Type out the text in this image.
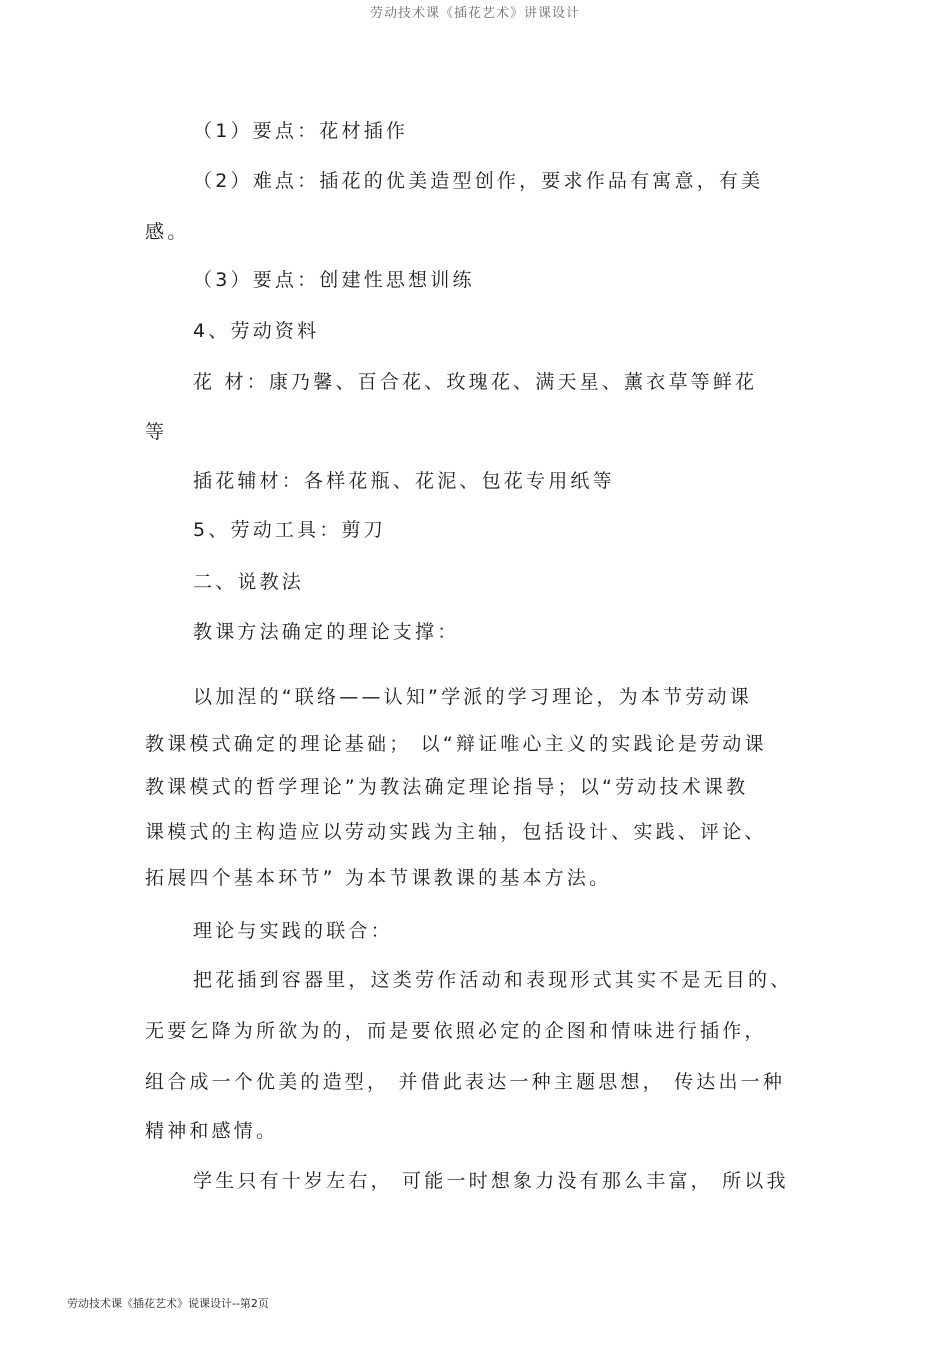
劳动技术课《插花艺术》讲课设计
（1）要点：花材插作
（2）难点：插花的优美造型创作，要求作品有寓意，有美
感。
（3）要点：创建性思想训练
4、劳动资料
花 材：康乃馨、百合花、玫瑰花、满天星、薰衣草等鲜花
等
插花辅材：各样花瓶、花泥、包花专用纸等
5、劳动工具：剪刀
二、说教法
教课方法确定的理论支撑：
以加涅的“联络——认知”学派的学习理论，为本节劳动课
教课模式确定的理论基础； 以“辩证唯心主义的实践论是劳动课
教课模式的哲学理论”为教法确定理论指导；以“劳动技术课教
课模式的主构造应以劳动实践为主轴，包括设计、实践、评论、
拓展四个基本环节” 为本节课教课的基本方法。
理论与实践的联合：
把花插到容器里，这类劳作活动和表现形式其实不是无目的、
无要乞降为所欲为的，而是要依照必定的企图和情味进行插作，
组合成一个优美的造型， 并借此表达一种主题思想， 传达出一种
精神和感情。
学生只有十岁左右， 可能一时想象力没有那么丰富， 所以我
劳动技术课《插花艺术》说课设计--第2页
